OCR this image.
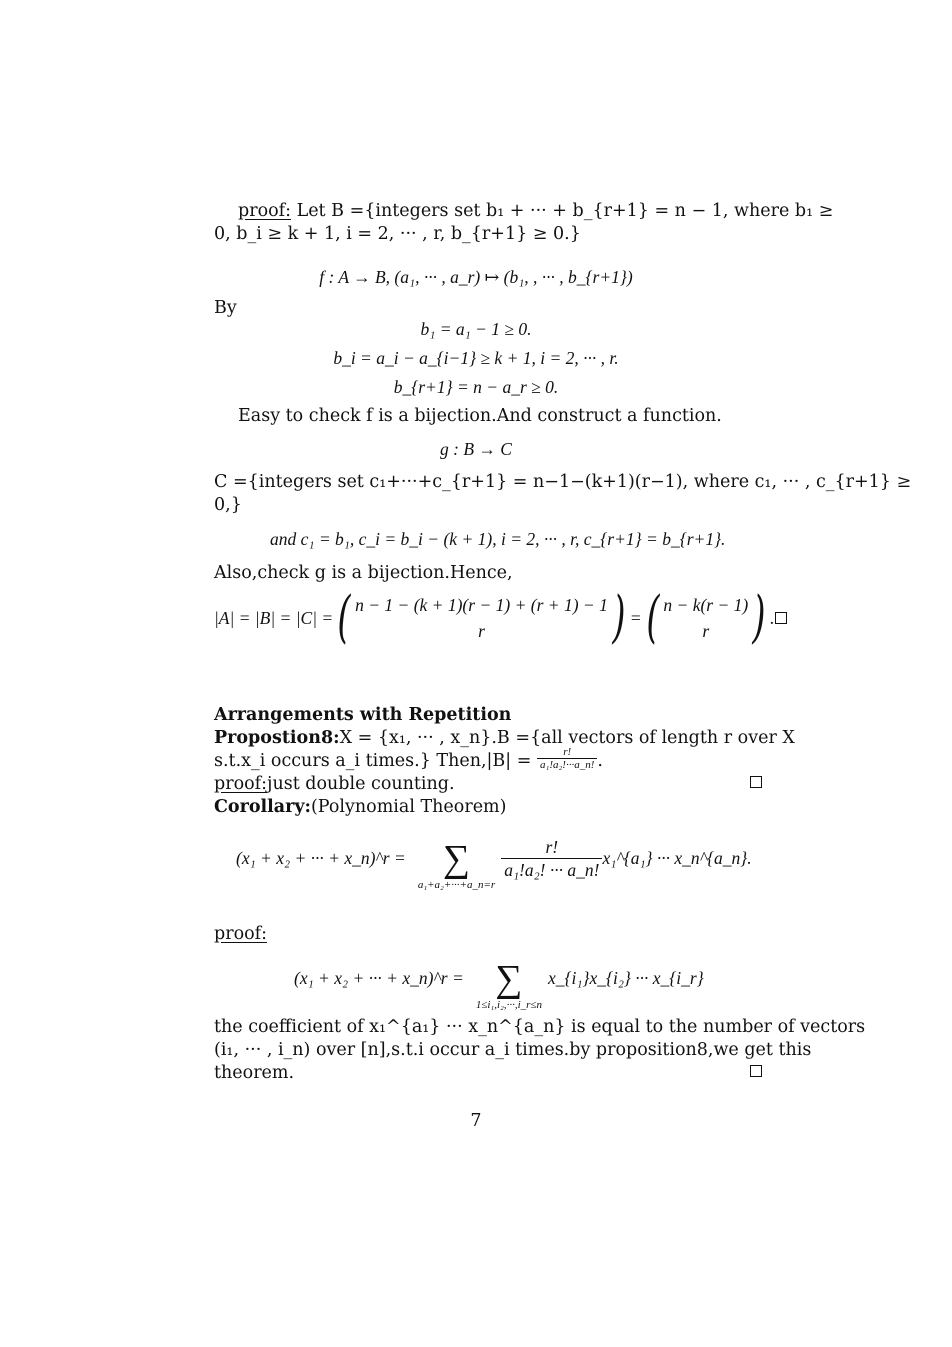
proof: Let B ={integers set b₁ + ··· + b_{r+1} = n − 1, where b₁ ≥
0, b_i ≥ k + 1, i = 2, ··· , r, b_{r+1} ≥ 0.}
f : A → B, (a₁, ··· , a_r) ↦ (b₁, , ··· , b_{r+1})
By
b₁ = a₁ − 1 ≥ 0.
b_i = a_i − a_{i−1} ≥ k + 1, i = 2, ··· , r.
b_{r+1} = n − a_r ≥ 0.
Easy to check f is a bijection.And construct a function.
g : B → C
C ={integers set c₁+···+c_{r+1} = n−1−(k+1)(r−1), where c₁, ··· , c_{r+1} ≥
0,}
and c₁ = b₁, c_i = b_i − (k + 1), i = 2, ··· , r, c_{r+1} = b_{r+1}.
Also,check g is a bijection.Hence,
|A| = |B| = |C| = ( n − 1 − (k + 1)(r − 1) + (r + 1) − 1
r	) = ( n − k(r − 1)
r ) .
Arrangements with Repetition
Propostion8:X = {x₁, ··· , x_n}.B ={all vectors of length r over X
s.t.x_i occurs a_i times.} Then,|B| = $\frac{r!}{\text{a₁!a₂!···a\_n!}}$ .
proof:just double counting.
Corollary:(Polynomial Theorem)
(x₁ + x₂ + ··· + x_n)^r = ∑
a₁+a₂+···+a_n=r
$\frac{r!}{\text{a₁!a₂! ··· a\_n!}}$ x₁^{a₁} ··· x_n^{a_n}.
proof:
(x₁ + x₂ + ··· + x_n)^r = ∑
1≤i₁,i₂,···,i_r≤n
x_{i₁}x_{i₂} ··· x_{i_r}
the coefficient of x₁^{a₁} ··· x_n^{a_n} is equal to the number of vectors
(i₁, ··· , i_n) over [n],s.t.i occur a_i times.by proposition8,we get this
theorem.
7
